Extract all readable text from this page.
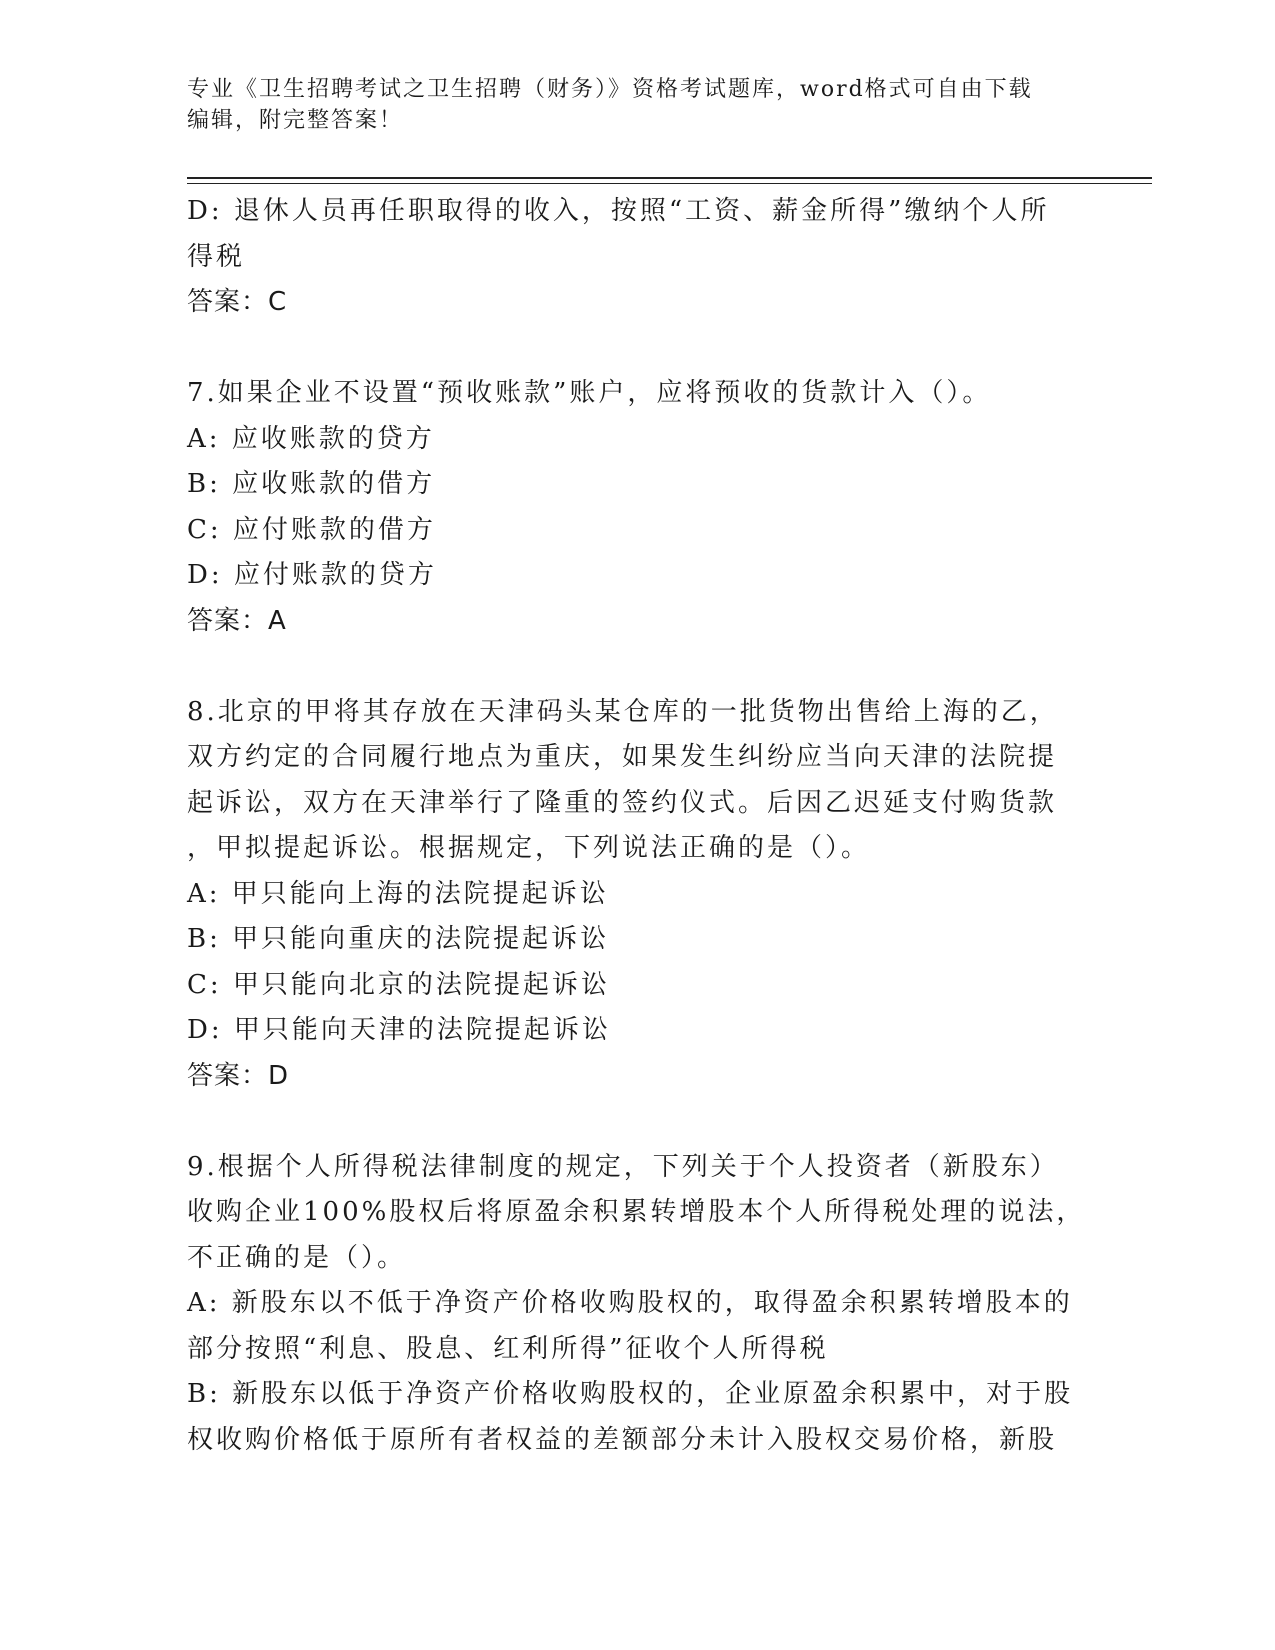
专业《卫生招聘考试之卫生招聘（财务）》资格考试题库，word格式可自由下载
编辑，附完整答案！
D: 退休人员再任职取得的收入，按照“工资、薪金所得”缴纳个人所
得税
答案：C
7.如果企业不设置“预收账款”账户，应将预收的货款计入（）。
A: 应收账款的贷方
B: 应收账款的借方
C: 应付账款的借方
D: 应付账款的贷方
答案：A
8.北京的甲将其存放在天津码头某仓库的一批货物出售给上海的乙，
双方约定的合同履行地点为重庆，如果发生纠纷应当向天津的法院提
起诉讼，双方在天津举行了隆重的签约仪式。后因乙迟延支付购货款
，甲拟提起诉讼。根据规定，下列说法正确的是（）。
A: 甲只能向上海的法院提起诉讼
B: 甲只能向重庆的法院提起诉讼
C: 甲只能向北京的法院提起诉讼
D: 甲只能向天津的法院提起诉讼
答案：D
9.根据个人所得税法律制度的规定，下列关于个人投资者（新股东）
收购企业100%股权后将原盈余积累转增股本个人所得税处理的说法，
不正确的是（）。
A: 新股东以不低于净资产价格收购股权的，取得盈余积累转增股本的
部分按照“利息、股息、红利所得”征收个人所得税
B: 新股东以低于净资产价格收购股权的，企业原盈余积累中，对于股
权收购价格低于原所有者权益的差额部分未计入股权交易价格，新股
